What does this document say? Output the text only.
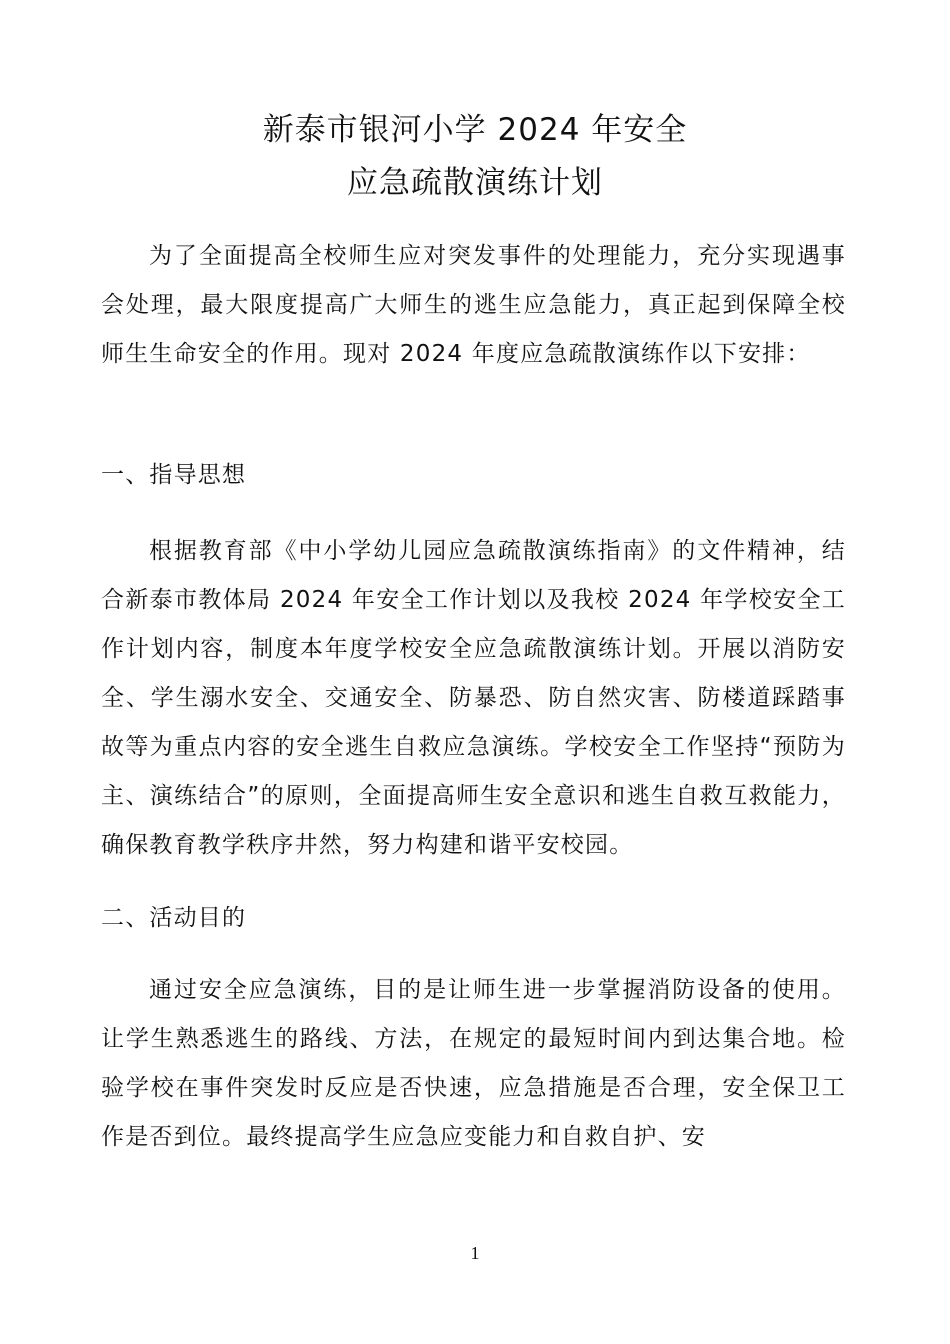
新泰市银河小学 2024 年安全
应急疏散演练计划

为了全面提高全校师生应对突发事件的处理能力，充分实现遇事会处理，最大限度提高广大师生的逃生应急能力，真正起到保障全校师生生命安全的作用。现对 2024 年度应急疏散演练作以下安排：

一、指导思想

根据教育部《中小学幼儿园应急疏散演练指南》的文件精神，结合新泰市教体局 2024 年安全工作计划以及我校 2024 年学校安全工作计划内容，制度本年度学校安全应急疏散演练计划。开展以消防安全、学生溺水安全、交通安全、防暴恐、防自然灾害、防楼道踩踏事故等为重点内容的安全逃生自救应急演练。学校安全工作坚持“预防为主、演练结合”的原则，全面提高师生安全意识和逃生自救互救能力，确保教育教学秩序井然，努力构建和谐平安校园。

二、活动目的

通过安全应急演练，目的是让师生进一步掌握消防设备的使用。让学生熟悉逃生的路线、方法，在规定的最短时间内到达集合地。检验学校在事件突发时反应是否快速，应急措施是否合理，安全保卫工作是否到位。最终提高学生应急应变能力和自救自护、安

1
